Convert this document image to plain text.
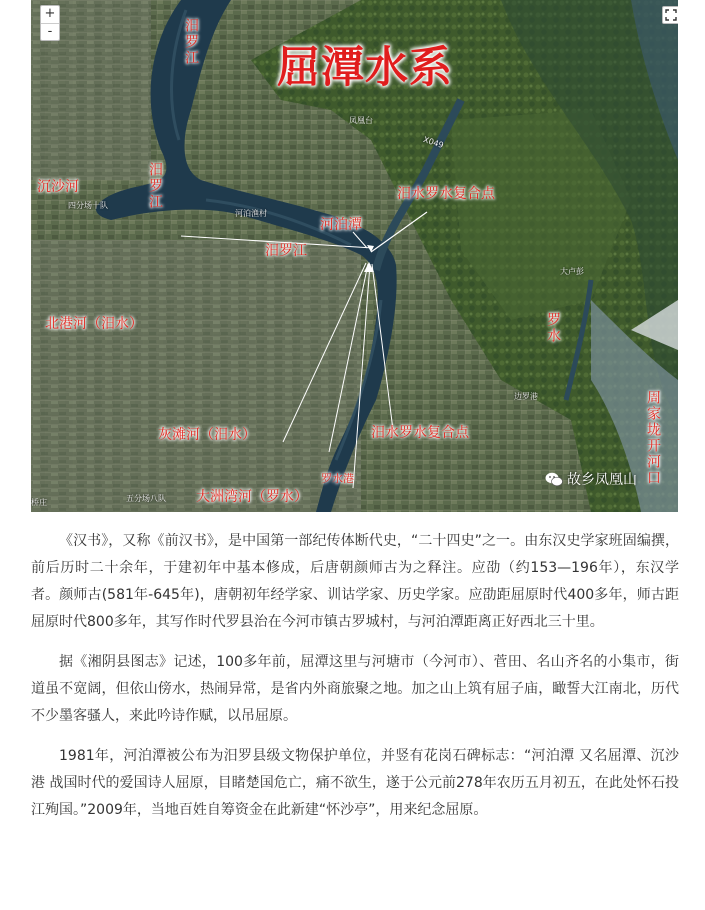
+
-
屈潭水系
汨罗江
沉沙河	汨罗江
河泊潭
汨罗江
汨水罗水复合点
北港河（汨水）	罗水
灰滩河（汨水）	汨水罗水复合点
罗水港
大洲湾河（罗水）
周家垅开河口
凤凰台
X049
四分场十队
河泊渔村
大卢彭
边罗港
五分场八队
桥庄
故乡凤凰山

《汉书》，又称《前汉书》，是中国第一部纪传体断代史，“二十四史”之一。由东汉史学家班固编撰，前后历时二十余年，于建初年中基本修成，后唐朝颜师古为之释注。应劭（约153—196年），东汉学者。颜师古(581年-645年)，唐朝初年经学家、训诂学家、历史学家。应劭距屈原时代400多年，师古距屈原时代800多年，其写作时代罗县治在今河市镇古罗城村，与河泊潭距离正好西北三十里。

据《湘阴县图志》记述，100多年前，屈潭这里与河塘市（今河市）、菅田、名山齐名的小集市，街道虽不宽阔，但依山傍水，热闹异常，是省内外商旅聚之地。加之山上筑有屈子庙，瞰誓大江南北，历代不少墨客骚人，来此吟诗作赋，以吊屈原。

1981年，河泊潭被公布为汨罗县级文物保护单位，并竖有花岗石碑标志：“河泊潭 又名屈潭、沉沙港 战国时代的爱国诗人屈原，目睹楚国危亡，痛不欲生，遂于公元前278年农历五月初五，在此处怀石投江殉国。”2009年，当地百姓自筹资金在此新建“怀沙亭”，用来纪念屈原。
